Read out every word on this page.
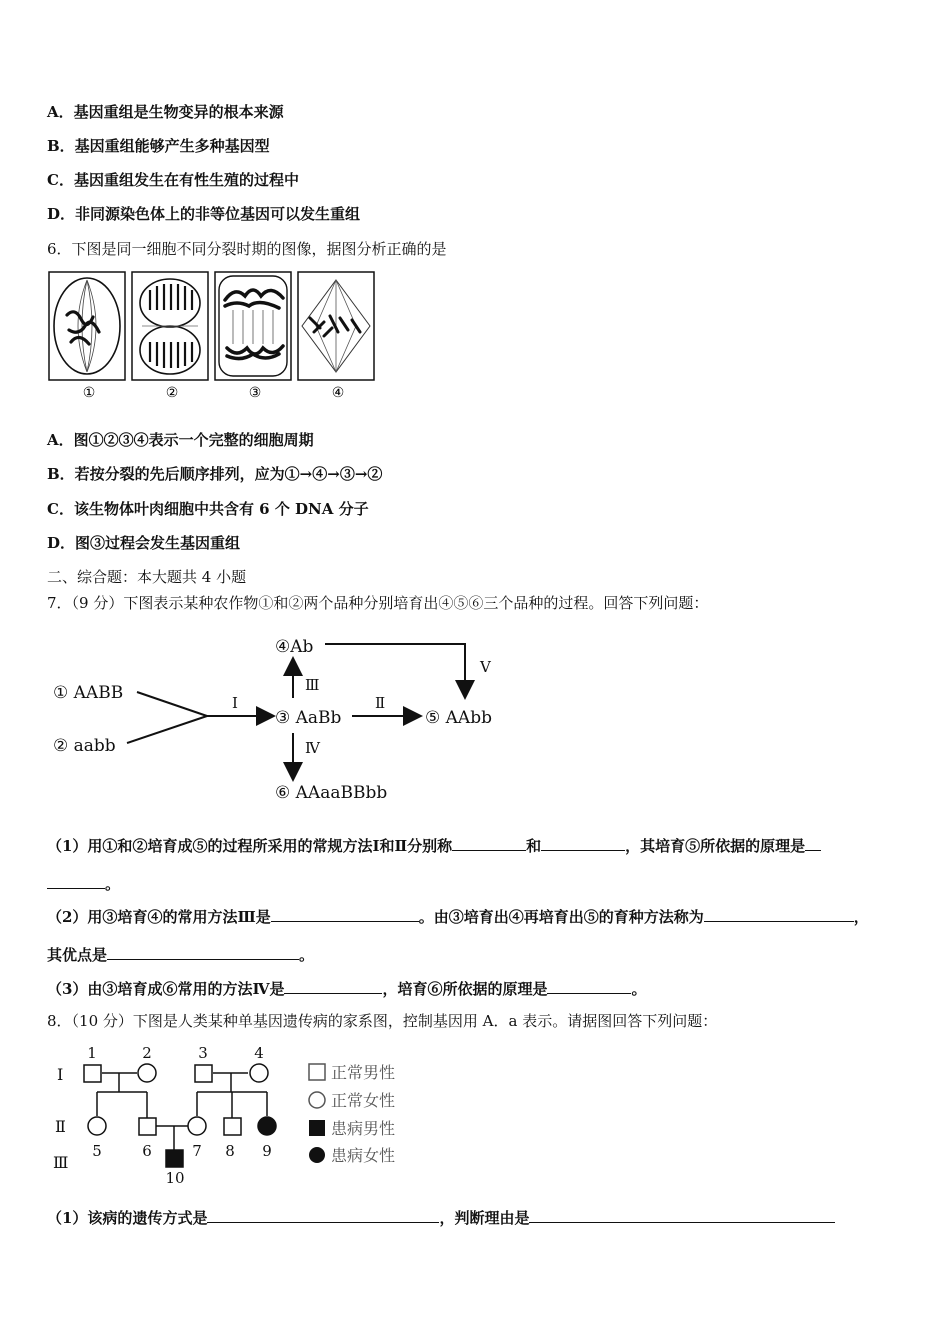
A．基因重组是生物变异的根本来源
B．基因重组能够产生多种基因型
C．基因重组发生在有性生殖的过程中
D．非同源染色体上的非等位基因可以发生重组
6．下图是同一细胞不同分裂时期的图像，据图分析正确的是
①	②	③	④
A．图①②③④表示一个完整的细胞周期
B．若按分裂的先后顺序排列，应为①→④→③→②
C．该生物体叶肉细胞中共含有 6 个 DNA 分子
D．图③过程会发生基因重组
二、综合题：本大题共 4 小题
7．（9 分）下图表示某种农作物①和②两个品种分别培育出④⑤⑥三个品种的过程。回答下列问题：
① AABB
② aabb
③ AaBb
④Ab
⑤ AAbb
⑥ AAaaBBbb
Ⅰ	Ⅱ
Ⅲ
Ⅳ
Ⅴ
（1）用①和②培育成⑤的过程所采用的常规方法Ⅰ和Ⅱ分别称	和	，其培育⑤所依据的原理是
。
（2）用③培育④的常用方法Ⅲ是	。由③培育出④再培育出⑤的育种方法称为	，
其优点是	。
（3）由③培育成⑥常用的方法Ⅳ是	，培育⑥所依据的原理是	。
8．（10 分）下图是人类某种单基因遗传病的家系图，控制基因用 A．a 表示。请据图回答下列问题：
Ⅰ
Ⅱ
Ⅲ
1	2	3	4
5	6	7 8 9
10
正常男性
正常女性
患病男性
患病女性
（1）该病的遗传方式是	，判断理由是
